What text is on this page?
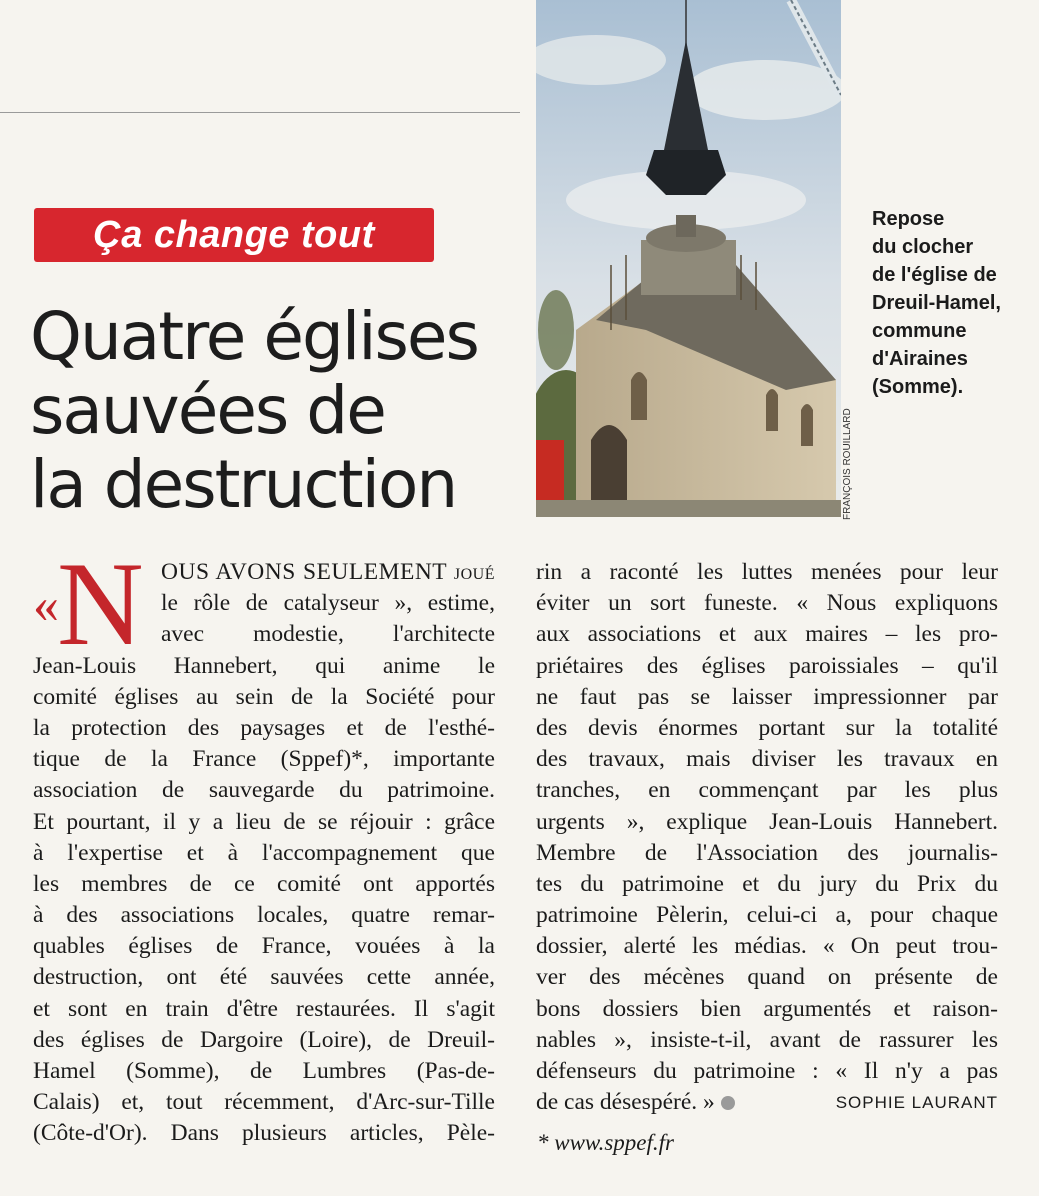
Ça change tout
Quatre églises
sauvées de
la destruction	FRANÇOIS ROUILLARD
Repose
du clocher
de l'église de
Dreuil-Hamel,
commune
d'Airaines
(Somme).
«N OUS AVONS SEULEMENT joué
le rôle de catalyseur », estime,
avec modestie, l'architecte
Jean-Louis Hannebert, qui anime le
comité églises au sein de la Société pour
la protection des paysages et de l'esthé-
tique de la France (Sppef)*, importante
association de sauvegarde du patrimoine.
Et pourtant, il y a lieu de se réjouir : grâce
à l'expertise et à l'accompagnement que
les membres de ce comité ont apportés
à des associations locales, quatre remar-
quables églises de France, vouées à la
destruction, ont été sauvées cette année,
et sont en train d'être restaurées. Il s'agit
des églises de Dargoire (Loire), de Dreuil-
Hamel (Somme), de Lumbres (Pas-de-
Calais) et, tout récemment, d'Arc-sur-Tille
(Côte-d'Or). Dans plusieurs articles, Pèle-
rin a raconté les luttes menées pour leur
éviter un sort funeste. « Nous expliquons
aux associations et aux maires – les pro-
priétaires des églises paroissiales – qu'il
ne faut pas se laisser impressionner par
des devis énormes portant sur la totalité
des travaux, mais diviser les travaux en
tranches, en commençant par les plus
urgents », explique Jean-Louis Hannebert.
Membre de l'Association des journalis-
tes du patrimoine et du jury du Prix du
patrimoine Pèlerin, celui-ci a, pour chaque
dossier, alerté les médias. « On peut trou-
ver des mécènes quand on présente de
bons dossiers bien argumentés et raison-
nables », insiste-t-il, avant de rassurer les
défenseurs du patrimoine : « Il n'y a pas
de cas désespéré. »	SOPHIE LAURANT
* www.sppef.fr
